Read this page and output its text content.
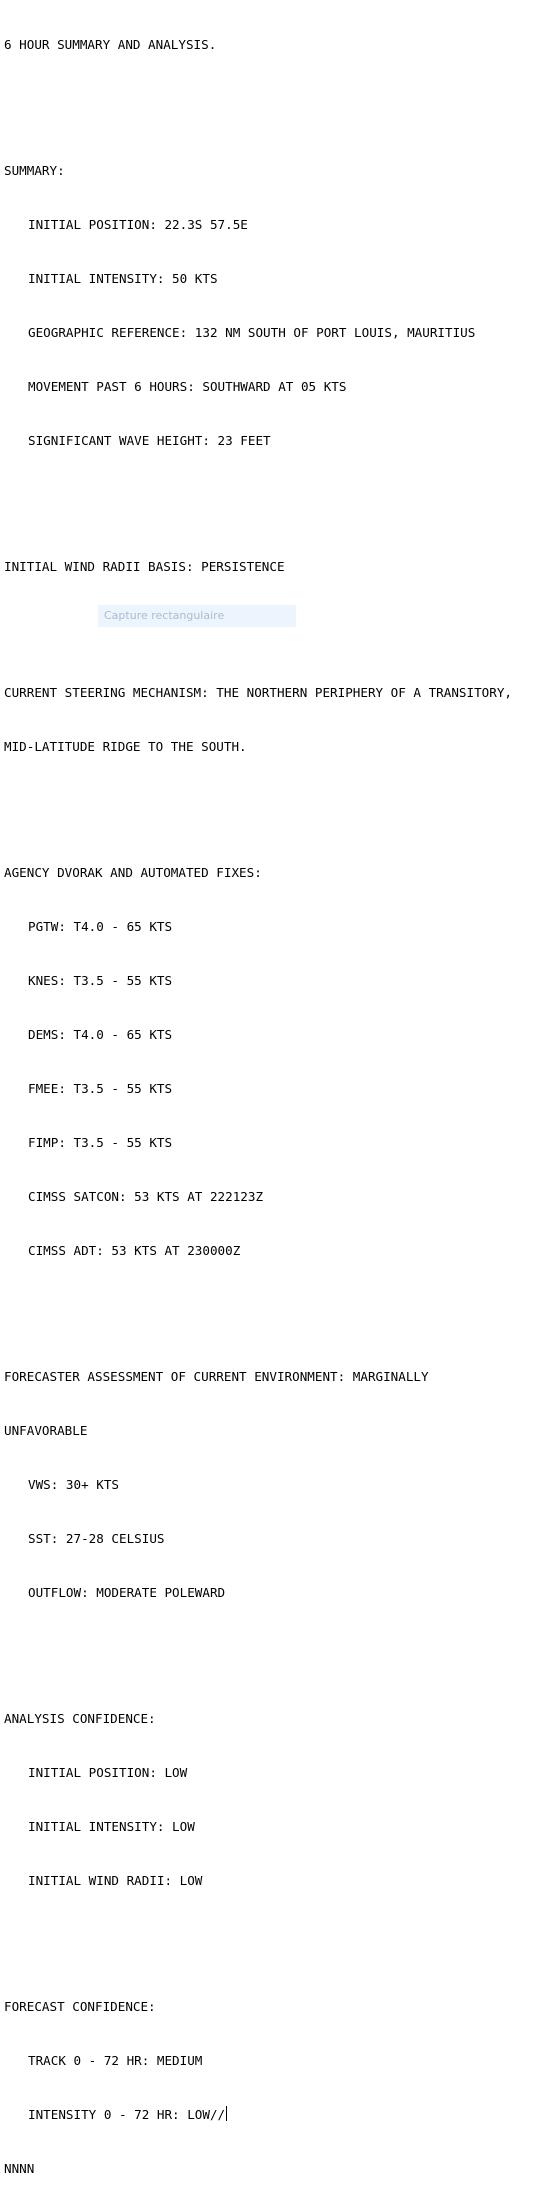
6 HOUR SUMMARY AND ANALYSIS.

SUMMARY:

INITIAL POSITION: 22.3S 57.5E

INITIAL INTENSITY: 50 KTS

GEOGRAPHIC REFERENCE: 132 NM SOUTH OF PORT LOUIS, MAURITIUS

MOVEMENT PAST 6 HOURS: SOUTHWARD AT 05 KTS

SIGNIFICANT WAVE HEIGHT: 23 FEET

INITIAL WIND RADII BASIS: PERSISTENCE

CURRENT STEERING MECHANISM: THE NORTHERN PERIPHERY OF A TRANSITORY,

MID-LATITUDE RIDGE TO THE SOUTH.

AGENCY DVORAK AND AUTOMATED FIXES:

PGTW: T4.0 - 65 KTS

KNES: T3.5 - 55 KTS

DEMS: T4.0 - 65 KTS

FMEE: T3.5 - 55 KTS

FIMP: T3.5 - 55 KTS

CIMSS SATCON: 53 KTS AT 222123Z

CIMSS ADT: 53 KTS AT 230000Z

FORECASTER ASSESSMENT OF CURRENT ENVIRONMENT: MARGINALLY

UNFAVORABLE

VWS: 30+ KTS

SST: 27-28 CELSIUS

OUTFLOW: MODERATE POLEWARD

ANALYSIS CONFIDENCE:

INITIAL POSITION: LOW

INITIAL INTENSITY: LOW

INITIAL WIND RADII: LOW

FORECAST CONFIDENCE:

TRACK 0 - 72 HR: MEDIUM

INTENSITY 0 - 72 HR: LOW//

NNNN

Capture rectangulaire
